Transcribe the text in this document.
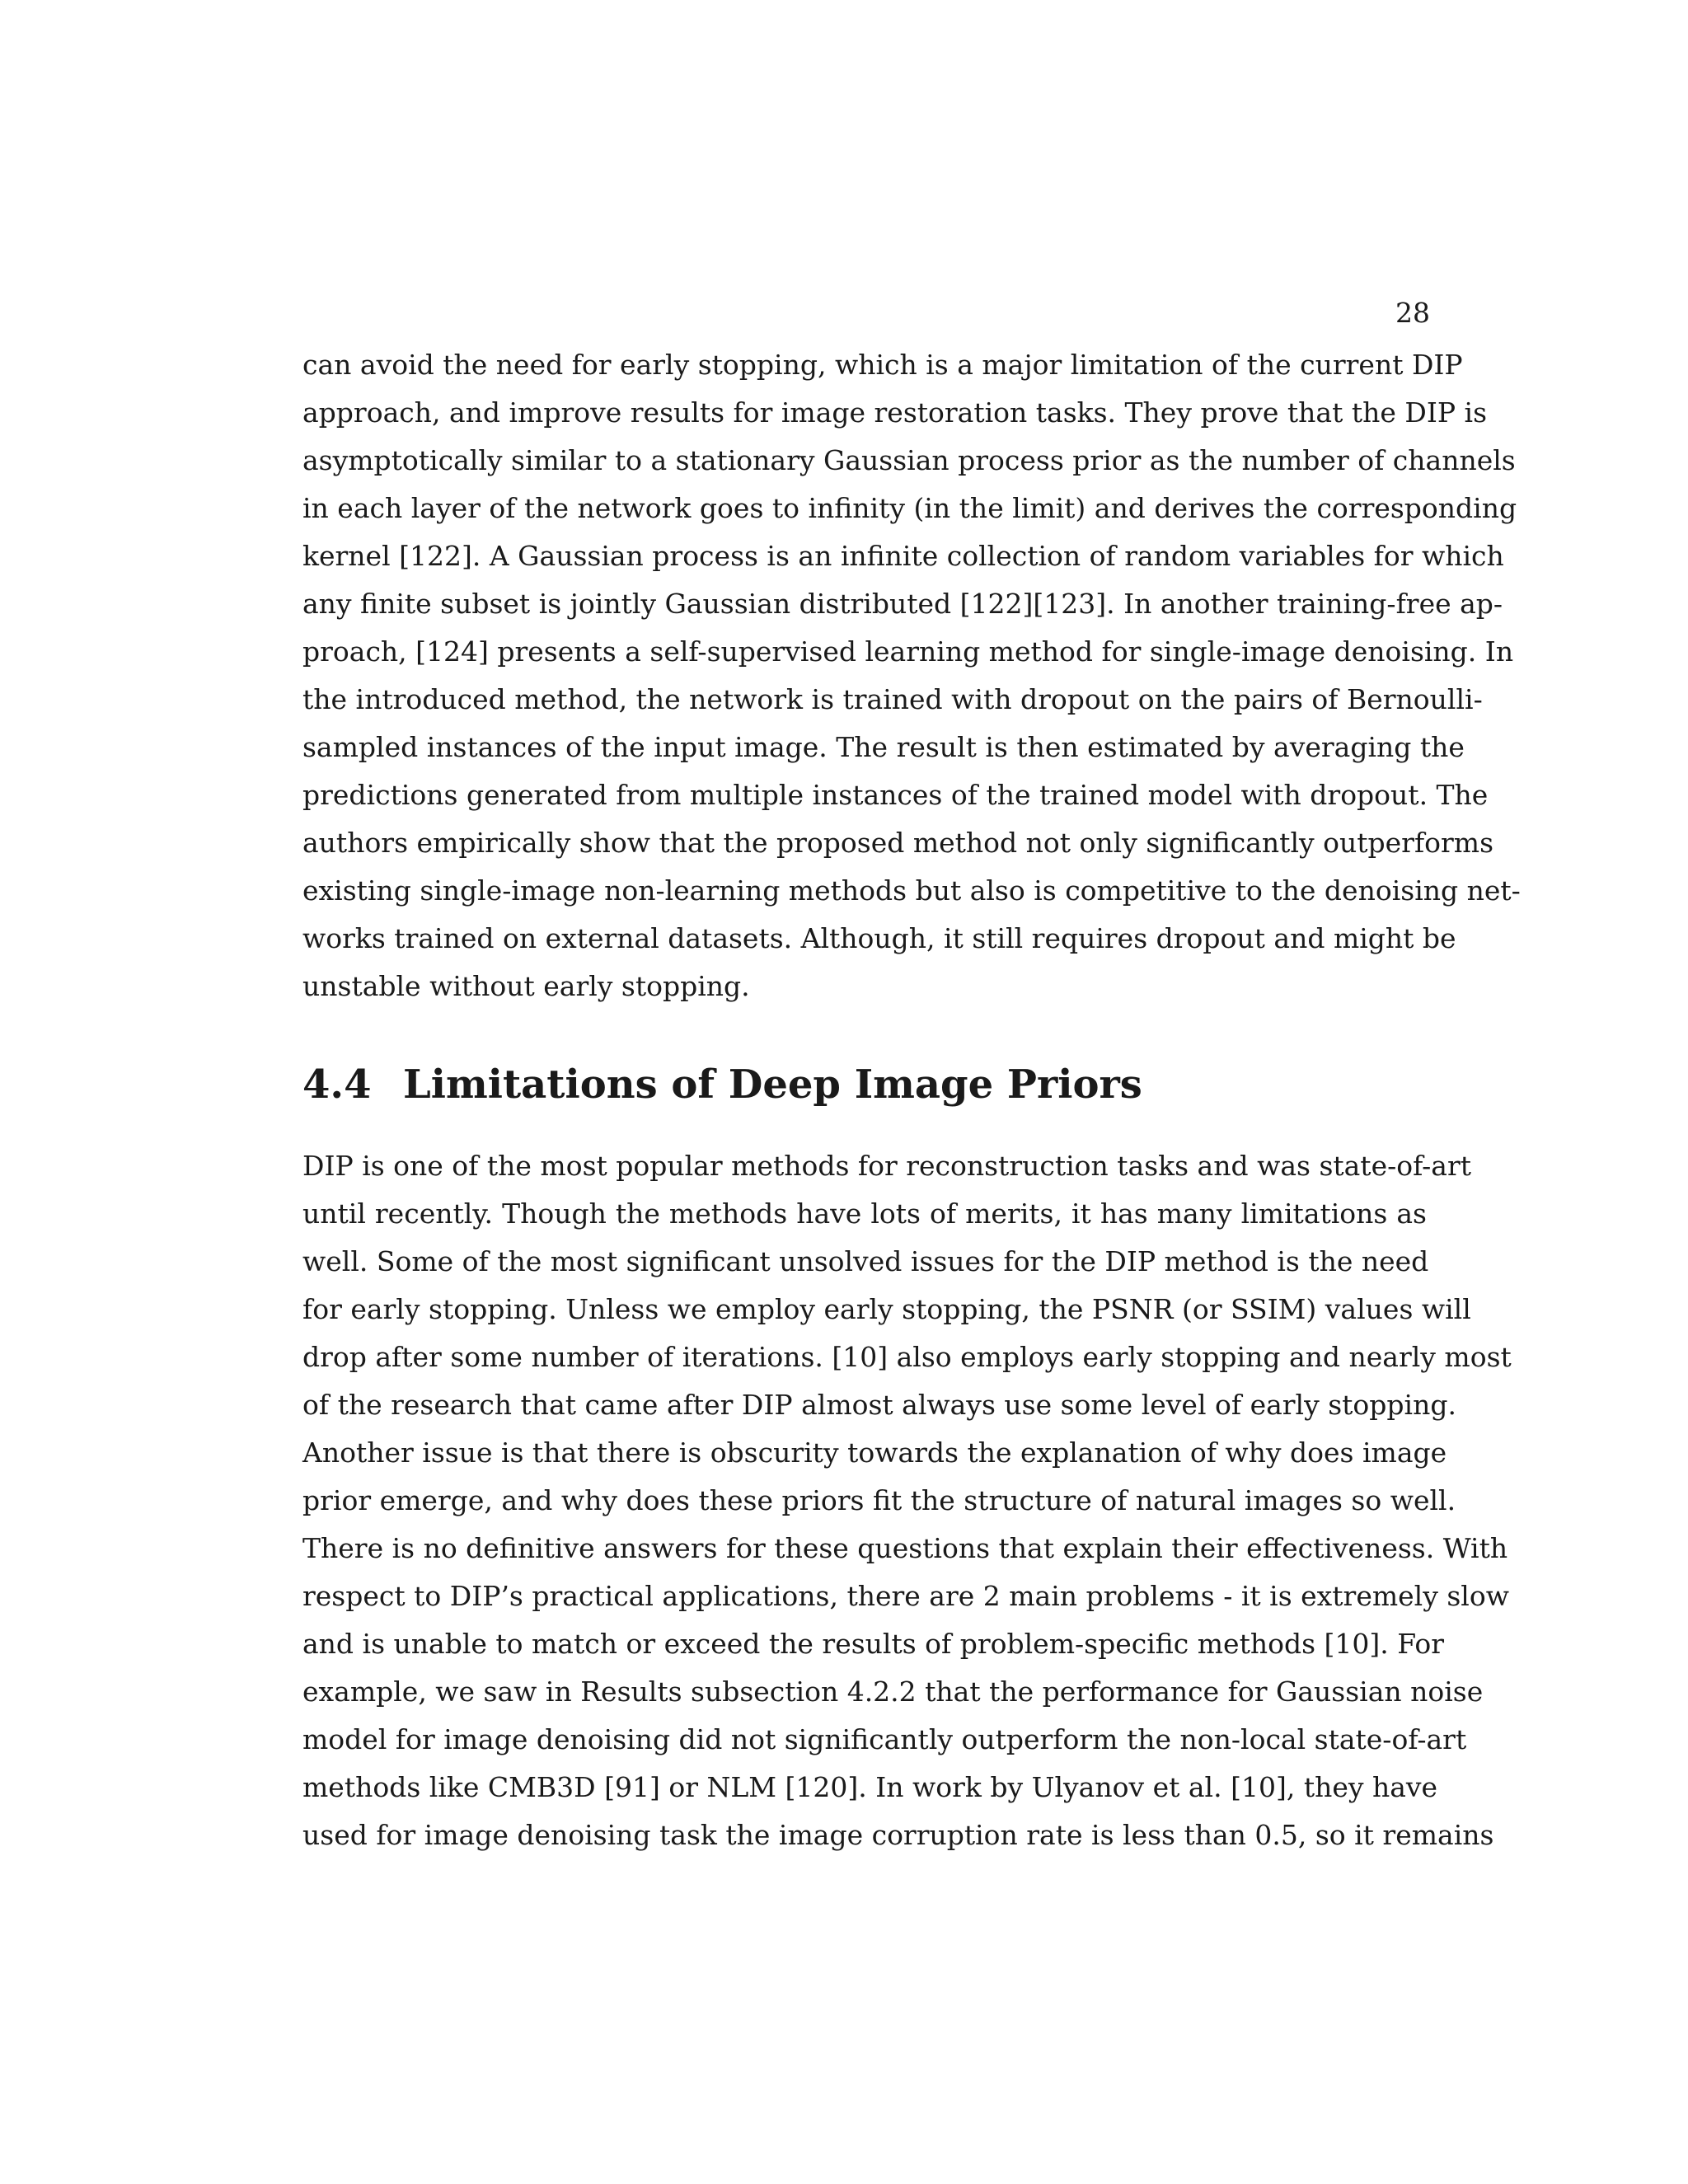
28
can avoid the need for early stopping, which is a major limitation of the current DIP
approach, and improve results for image restoration tasks. They prove that the DIP is
asymptotically similar to a stationary Gaussian process prior as the number of channels
in each layer of the network goes to infinity (in the limit) and derives the corresponding
kernel [122]. A Gaussian process is an infinite collection of random variables for which
any finite subset is jointly Gaussian distributed [122][123]. In another training-free ap-
proach, [124] presents a self-supervised learning method for single-image denoising. In
the introduced method, the network is trained with dropout on the pairs of Bernoulli-
sampled instances of the input image. The result is then estimated by averaging the
predictions generated from multiple instances of the trained model with dropout. The
authors empirically show that the proposed method not only significantly outperforms
existing single-image non-learning methods but also is competitive to the denoising net-
works trained on external datasets. Although, it still requires dropout and might be
unstable without early stopping.
4.4 Limitations of Deep Image Priors
DIP is one of the most popular methods for reconstruction tasks and was state-of-art
until recently. Though the methods have lots of merits, it has many limitations as
well. Some of the most significant unsolved issues for the DIP method is the need
for early stopping. Unless we employ early stopping, the PSNR (or SSIM) values will
drop after some number of iterations. [10] also employs early stopping and nearly most
of the research that came after DIP almost always use some level of early stopping.
Another issue is that there is obscurity towards the explanation of why does image
prior emerge, and why does these priors fit the structure of natural images so well.
There is no definitive answers for these questions that explain their effectiveness. With
respect to DIP’s practical applications, there are 2 main problems - it is extremely slow
and is unable to match or exceed the results of problem-specific methods [10]. For
example, we saw in Results subsection 4.2.2 that the performance for Gaussian noise
model for image denoising did not significantly outperform the non-local state-of-art
methods like CMB3D [91] or NLM [120]. In work by Ulyanov et al. [10], they have
used for image denoising task the image corruption rate is less than 0.5, so it remains
